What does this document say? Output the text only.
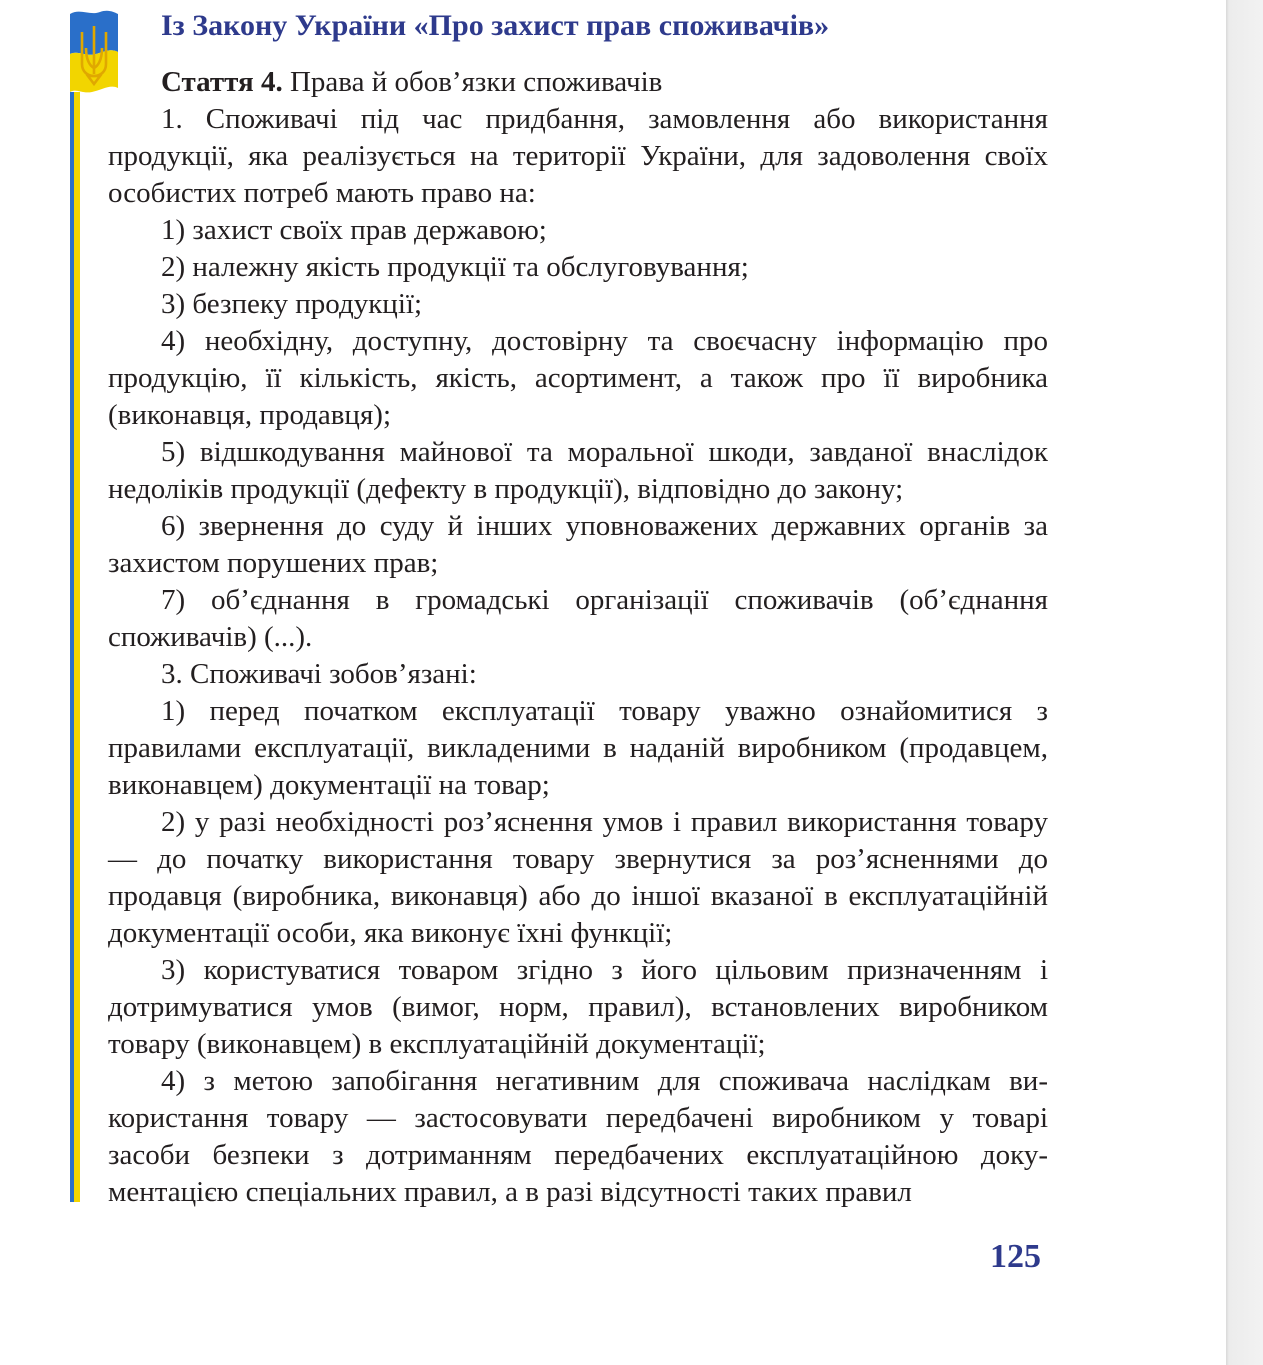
Із Закону України «Про захист прав споживачів»

Стаття 4. Права й обов’язки споживачів

1. Споживачі під час придбання, замовлення або використання продукції, яка реалізується на території України, для задоволення своїх особистих потреб мають право на:

1) захист своїх прав державою;

2) належну якість продукції та обслуговування;

3) безпеку продукції;

4) необхідну, доступну, достовірну та своєчасну інформацію про продукцію, її кількість, якість, асортимент, а також про її виробника (виконавця, продавця);

5) відшкодування майнової та моральної шкоди, завданої внаслідок недоліків продукції (дефекту в продукції), відповідно до закону;

6) звернення до суду й інших уповноважених державних органів за захистом порушених прав;

7) об’єднання в громадські організації споживачів (об’єднання споживачів) (...).

3. Споживачі зобов’язані:

1) перед початком експлуатації товару уважно ознайомитися з правилами експлуатації, викладеними в наданій виробником (продавцем, виконавцем) документації на товар;

2) у разі необхідності роз’яснення умов і правил використання товару — до початку використання товару звернутися за роз’ясненнями до продавця (виробника, виконавця) або до іншої вказаної в експлуатаційній документації особи, яка виконує їхні функції;

3) користуватися товаром згідно з його цільовим призначенням і дотримуватися умов (вимог, норм, правил), встановлених виробником товару (виконавцем) в експлуатаційній документації;

4) з метою запобігання негативним для споживача наслідкам використання товару — застосовувати передбачені виробником у товарі засоби безпеки з дотриманням передбачених експлуатаційною документацією спеціальних правил, а в разі відсутності таких правил

125
